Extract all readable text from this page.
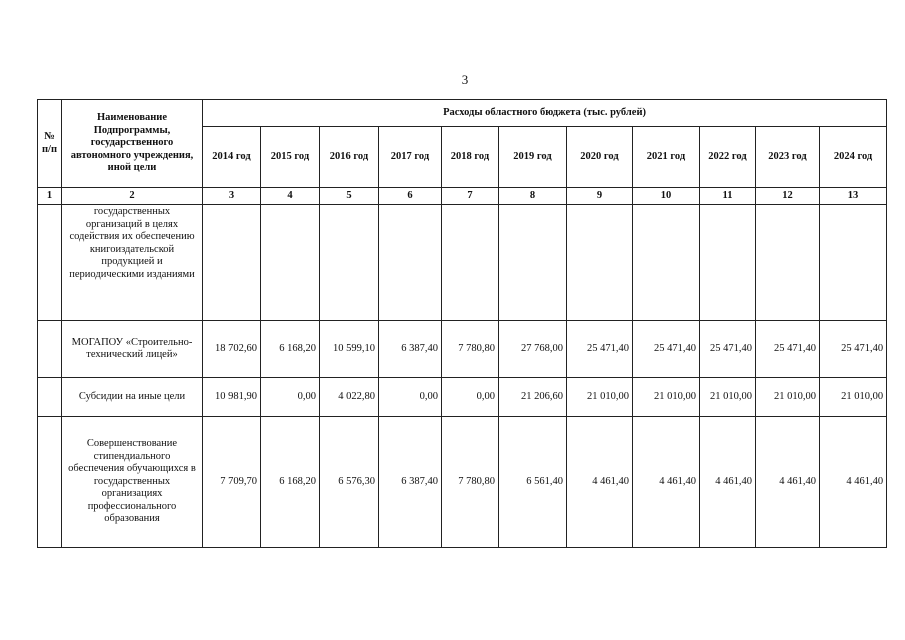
3
№ п/п	Наименование Подпрограммы, государственного автономного учреждения, иной цели	Расходы областного бюджета (тыс. рублей)										
		2014 год	2015 год	2016 год	2017 год	2018 год	2019 год	2020 год	2021 год	2022 год	2023 год	2024 год
1	2	3	4	5	6	7	8	9	10	11	12	13
	государственных организаций в целях содействия их обеспечению книгоиздательской продукцией и периодическими изданиями											
	МОГАПОУ «Строительно-технический лицей»	18 702,60	6 168,20	10 599,10	6 387,40	7 780,80	27 768,00	25 471,40	25 471,40	25 471,40	25 471,40	25 471,40
	Субсидии на иные цели	10 981,90	0,00	4 022,80	0,00	0,00	21 206,60	21 010,00	21 010,00	21 010,00	21 010,00	21 010,00
	Совершенствование стипендиального обеспечения обучающихся в государственных организациях профессионального образования	7 709,70	6 168,20	6 576,30	6 387,40	7 780,80	6 561,40	4 461,40	4 461,40	4 461,40	4 461,40	4 461,40
